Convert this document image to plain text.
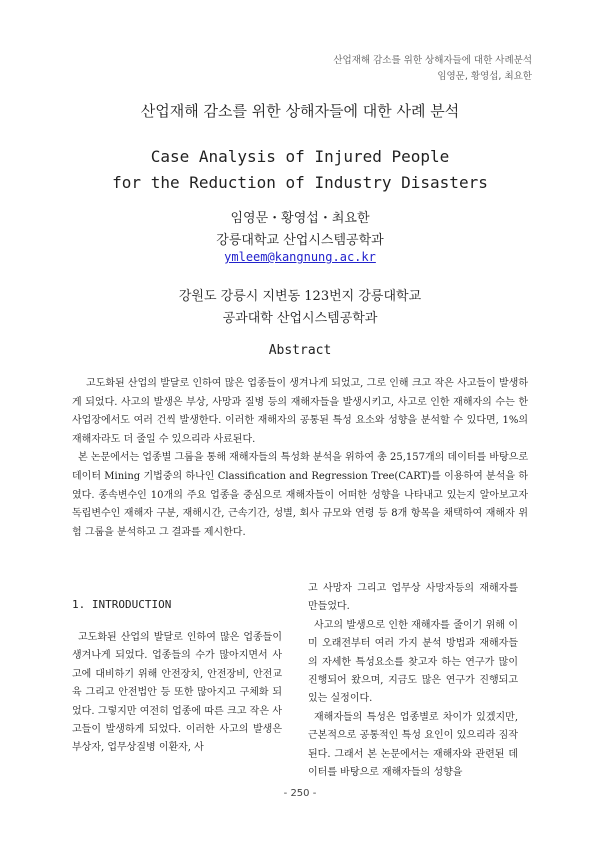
산업재해 감소를 위한 상해자들에 대한 사례분석
임영문, 황영섭, 최요한
산업재해 감소를 위한 상해자들에 대한 사례 분석
Case Analysis of Injured People
for the Reduction of Industry Disasters
임영문・황영섭・최요한
강릉대학교 산업시스템공학과
ymleem@kangnung.ac.kr
강원도 강릉시 지변동 123번지 강릉대학교
공과대학 산업시스템공학과
Abstract

고도화된 산업의 발달로 인하여 많은 업종들이 생겨나게 되었고, 그로 인해 크고 작은 사고들이 발생하게 되었다. 사고의 발생은 부상, 사망과 질병 등의 재해자들을 발생시키고, 사고로 인한 재해자의 수는 한 사업장에서도 여러 건씩 발생한다. 이러한 재해자의 공통된 특성 요소와 성향을 분석할 수 있다면, 1%의 재해자라도 더 줄일 수 있으리라 사료된다.

본 논문에서는 업종별 그룹을 통해 재해자들의 특성화 분석을 위하여 총 25,157개의 데이터를 바탕으로 데이터 Mining 기법중의 하나인 Classification and Regression Tree(CART)를 이용하여 분석을 하였다. 종속변수인 10개의 주요 업종을 중심으로 재해자들이 어떠한 성향을 나타내고 있는지 알아보고자 독립변수인 재해자 구분, 재해시간, 근속기간, 성별, 회사 규모와 연령 등 8개 항목을 채택하여 재해자 위험 그룹을 분석하고 그 결과를 제시한다.

1. INTRODUCTION

고도화된 산업의 발달로 인하여 많은 업종들이 생겨나게 되었다. 업종들의 수가 많아지면서 사고에 대비하기 위해 안전장치, 안전장비, 안전교육 그리고 안전법안 등 또한 많아지고 구체화 되었다. 그렇지만 여전히 업종에 따른 크고 작은 사고들이 발생하게 되었다. 이러한 사고의 발생은 부상자, 업무상질병 이환자, 사

고 사망자 그리고 업무상 사망자등의 재해자를 만들었다.

사고의 발생으로 인한 재해자를 줄이기 위해 이미 오래전부터 여러 가지 분석 방법과 재해자들의 자세한 특성요소를 찾고자 하는 연구가 많이 진행되어 왔으며, 지금도 많은 연구가 진행되고 있는 실정이다.

재해자들의 특성은 업종별로 차이가 있겠지만, 근본적으로 공통적인 특성 요인이 있으리라 짐작된다. 그래서 본 논문에서는 재해자와 관련된 데이터를 바탕으로 재해자들의 성향을

- 250 -
